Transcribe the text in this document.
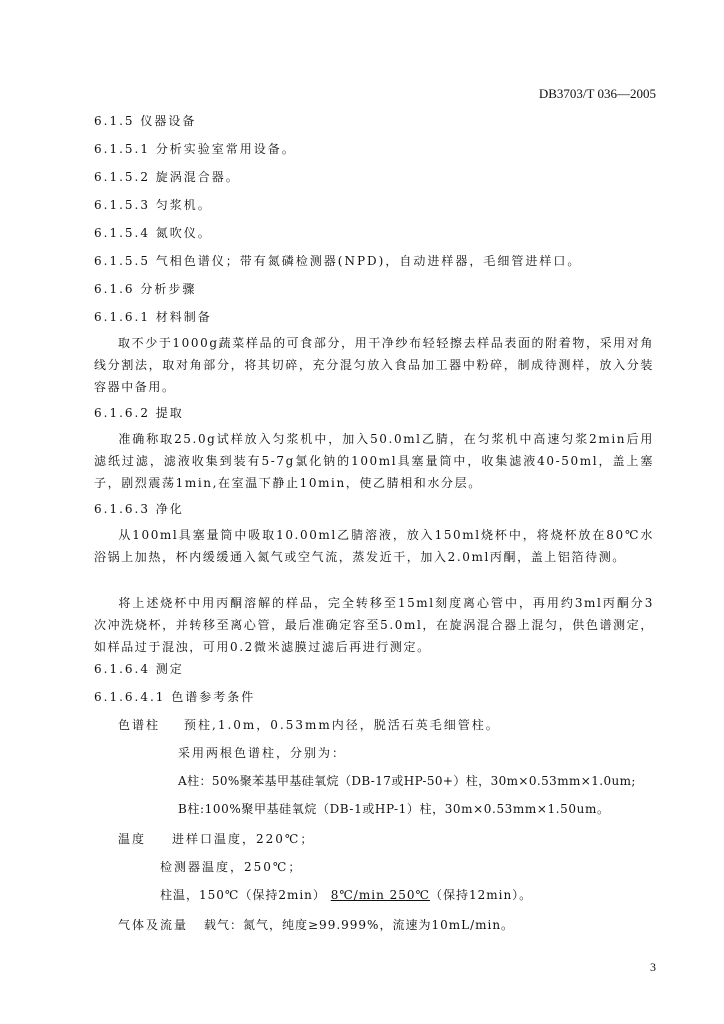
DB3703/T 036—2005
6.1.5 仪器设备
6.1.5.1 分析实验室常用设备。
6.1.5.2 旋涡混合器。
6.1.5.3 匀浆机。
6.1.5.4 氮吹仪。
6.1.5.5 气相色谱仪；带有氮磷检测器(NPD)，自动进样器，毛细管进样口。
6.1.6 分析步骤
6.1.6.1 材料制备
取不少于1000g蔬菜样品的可食部分，用干净纱布轻轻擦去样品表面的附着物，采用对角线分割法，取对角部分，将其切碎，充分混匀放入食品加工器中粉碎，制成待测样，放入分装容器中备用。
6.1.6.2 提取
准确称取25.0g试样放入匀浆机中，加入50.0ml乙腈，在匀浆机中高速匀浆2min后用滤纸过滤，滤液收集到装有5-7g氯化钠的100ml具塞量筒中，收集滤液40-50ml，盖上塞子，剧烈震荡1min,在室温下静止10min，使乙腈相和水分层。
6.1.6.3 净化
从100ml具塞量筒中吸取10.00ml乙腈溶液，放入150ml烧杯中，将烧杯放在80℃水浴锅上加热，杯内缓缓通入氮气或空气流，蒸发近干，加入2.0ml丙酮，盖上铝箔待测。
将上述烧杯中用丙酮溶解的样品，完全转移至15ml刻度离心管中，再用约3ml丙酮分3次冲洗烧杯，并转移至离心管，最后准确定容至5.0ml，在旋涡混合器上混匀，供色谱测定，如样品过于混浊，可用0.2微米滤膜过滤后再进行测定。
6.1.6.4 测定
6.1.6.4.1 色谱参考条件
色谱柱 预柱,1.0m，0.53mm内径，脱活石英毛细管柱。
采用两根色谱柱，分别为：
A柱：50%聚苯基甲基硅氧烷（DB-17或HP-50+）柱，30m×0.53mm×1.0um;
B柱:100%聚甲基硅氧烷（DB-1或HP-1）柱，30m×0.53mm×1.50um。
温度 进样口温度，220℃；
检测器温度，250℃；
柱温，150℃（保持2min） 8℃/min 250℃（保持12min）。
气体及流量 载气：氮气，纯度≥99.999%，流速为10mL/min。
3
